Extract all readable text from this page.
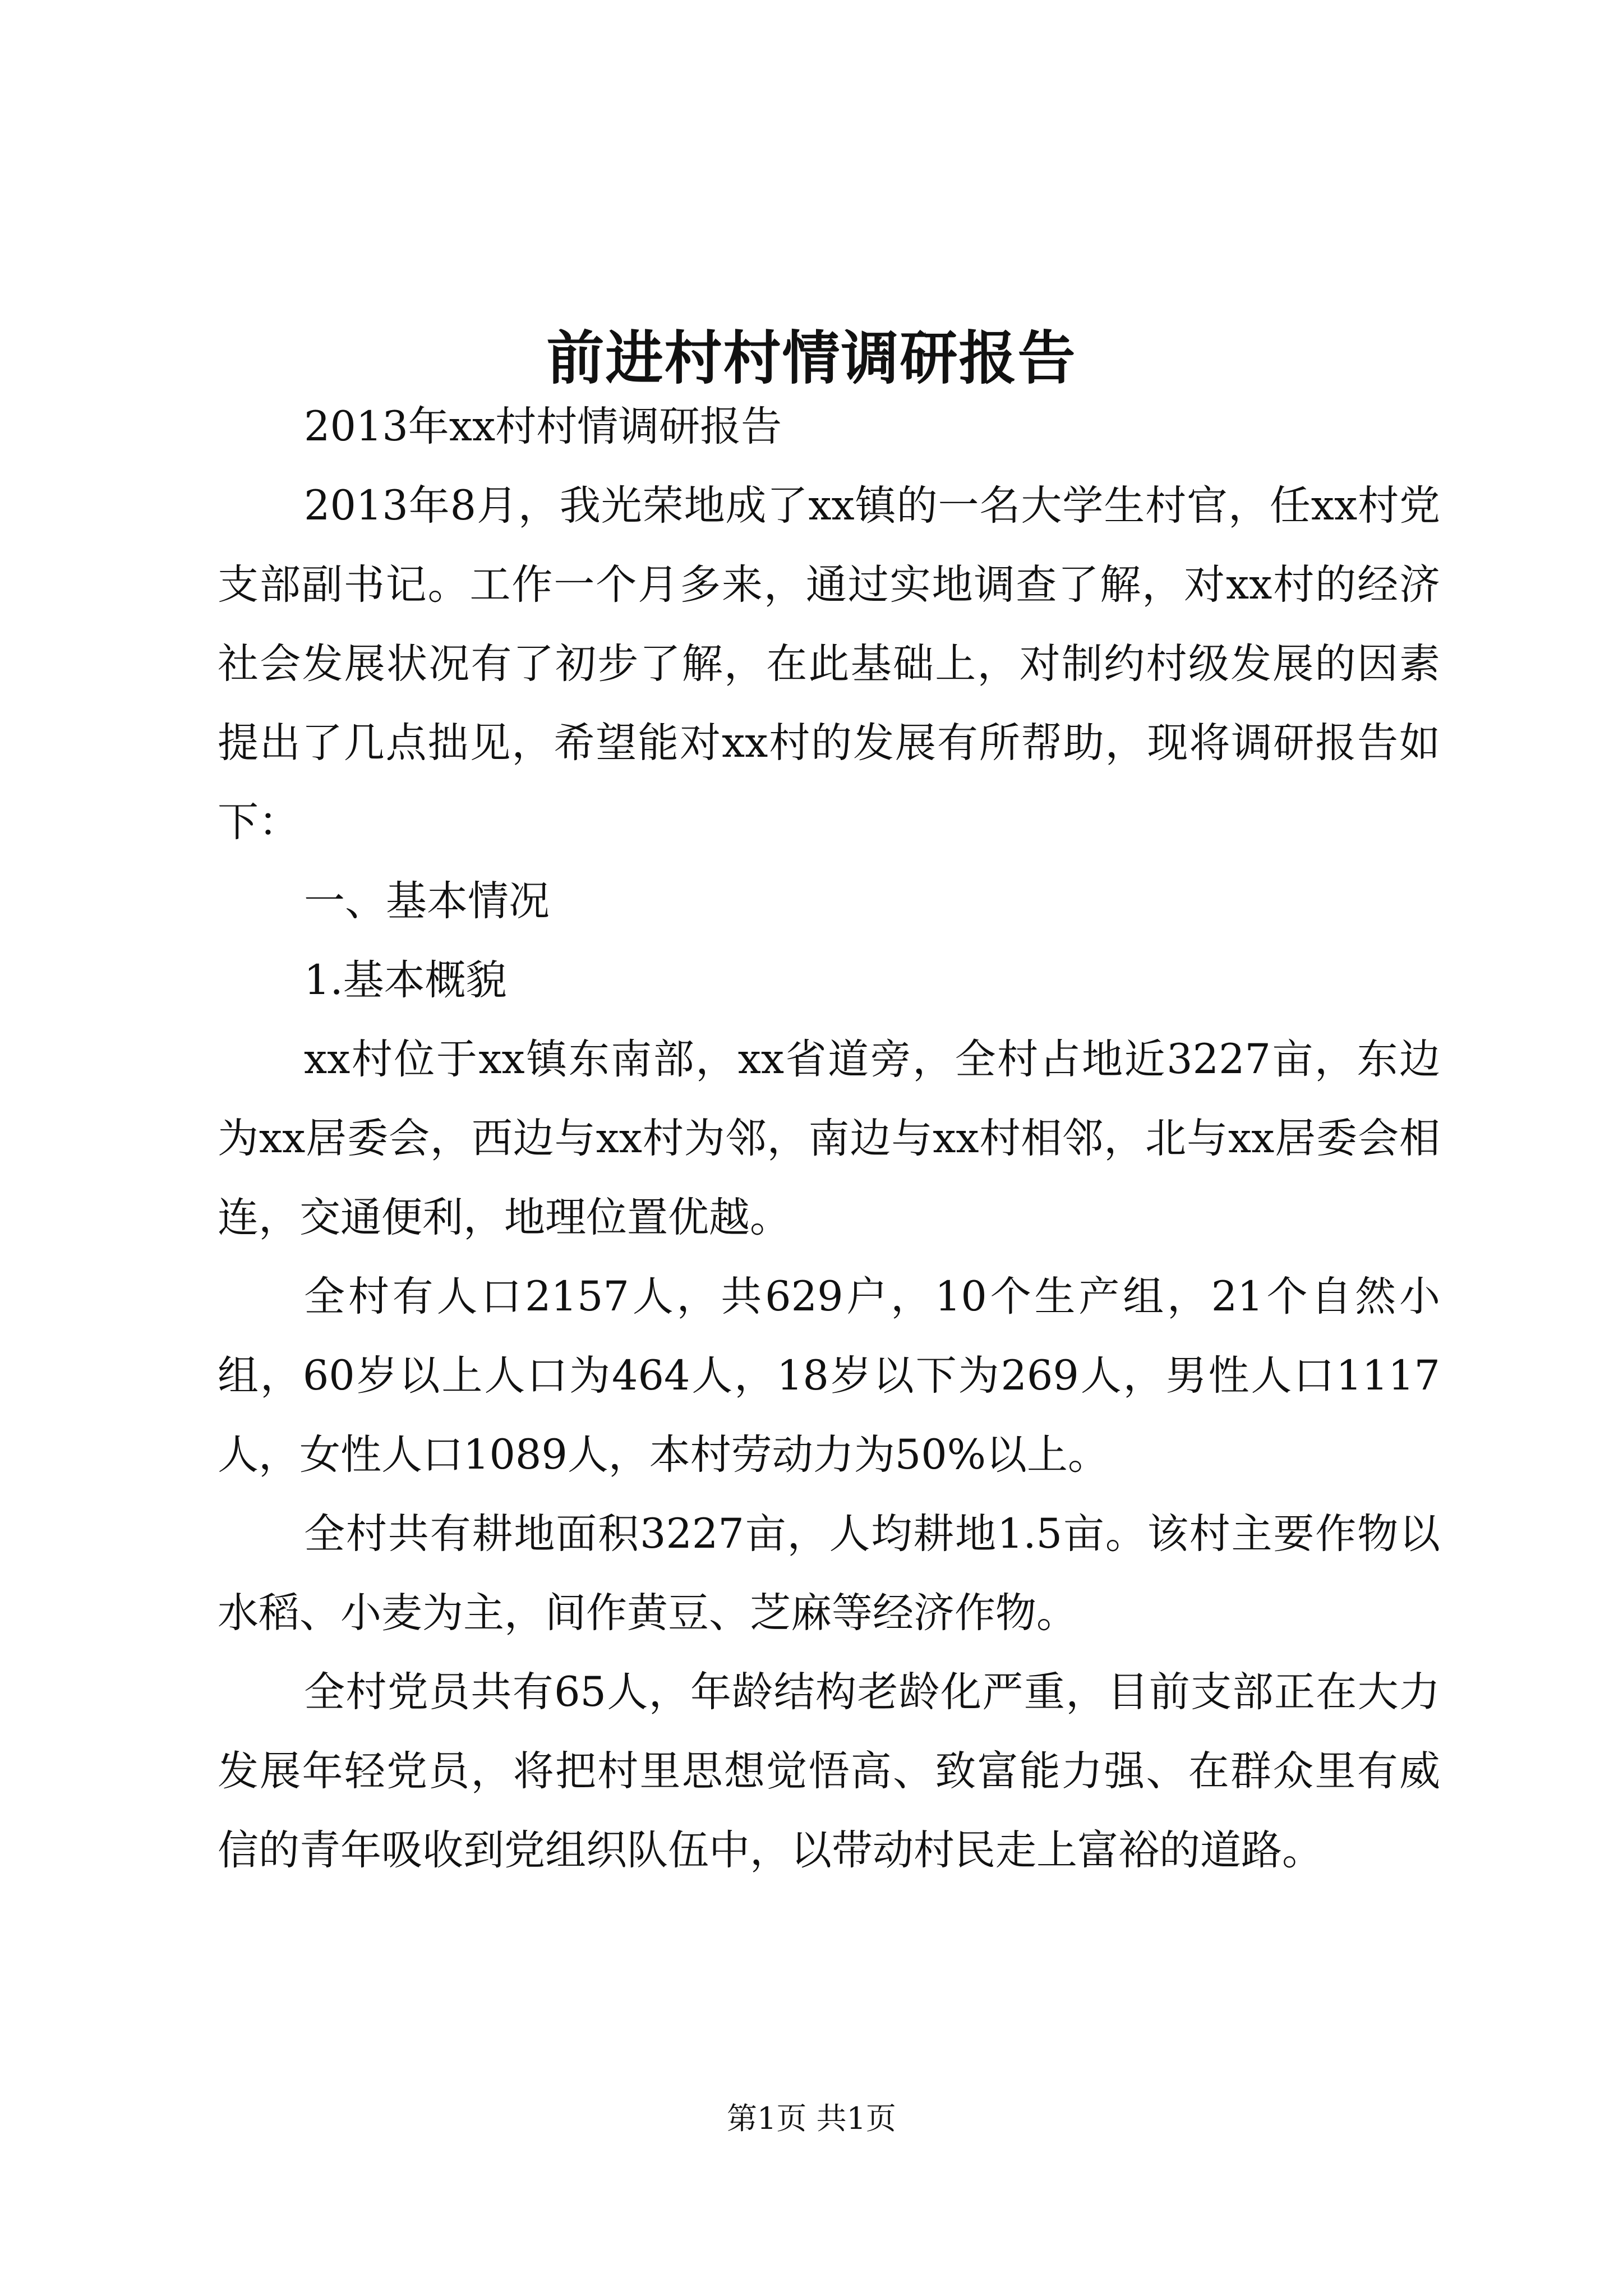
前进村村情调研报告

2013年xx村村情调研报告

2013年8月，我光荣地成了xx镇的一名大学生村官，任xx村党支部副书记。工作一个月多来，通过实地调查了解，对xx村的经济社会发展状况有了初步了解，在此基础上，对制约村级发展的因素提出了几点拙见，希望能对xx村的发展有所帮助，现将调研报告如下：

一、基本情况

1.基本概貌

xx村位于xx镇东南部，xx省道旁，全村占地近3227亩，东边为xx居委会，西边与xx村为邻，南边与xx村相邻，北与xx居委会相连，交通便利，地理位置优越。

全村有人口2157人，共629户，10个生产组，21个自然小组，60岁以上人口为464人，18岁以下为269人，男性人口1117人，女性人口1089人，本村劳动力为50%以上。

全村共有耕地面积3227亩，人均耕地1.5亩。该村主要作物以水稻、小麦为主，间作黄豆、芝麻等经济作物。

全村党员共有65人，年龄结构老龄化严重，目前支部正在大力发展年轻党员，将把村里思想觉悟高、致富能力强、在群众里有威信的青年吸收到党组织队伍中，以带动村民走上富裕的道路。

第1页 共1页
